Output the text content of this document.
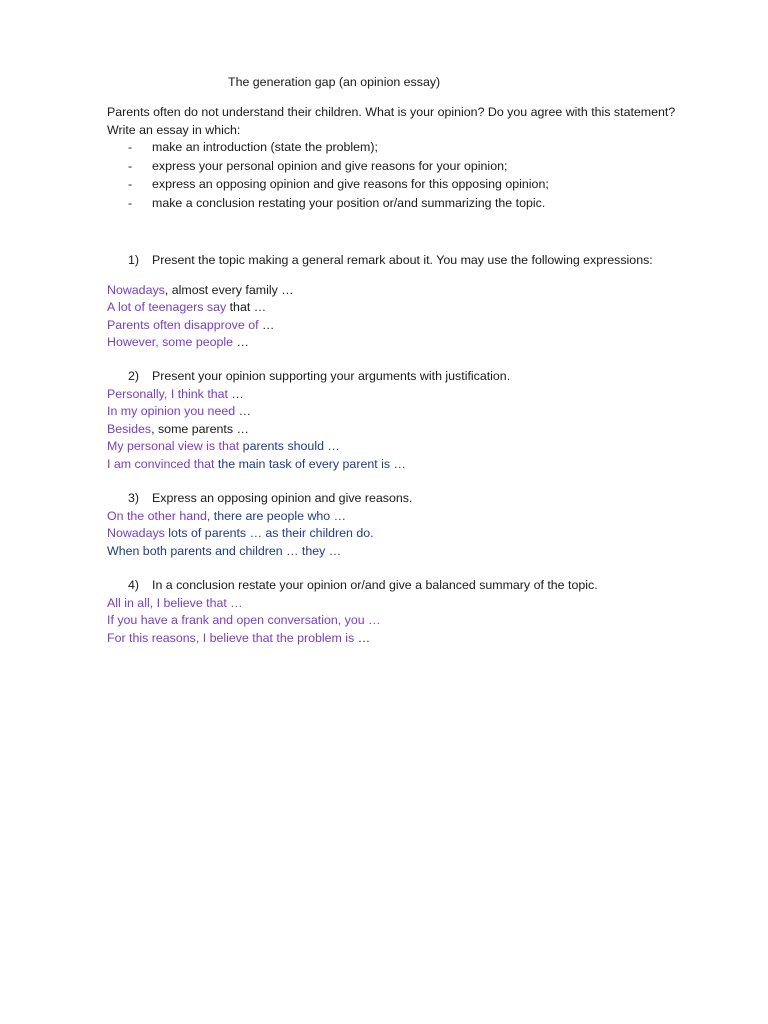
The generation gap (an opinion essay)
Parents often do not understand their children. What is your opinion? Do you agree with this statement?
Write an essay in which:
- make an introduction (state the problem);
- express your personal opinion and give reasons for your opinion;
- express an opposing opinion and give reasons for this opposing opinion;
- make a conclusion restating your position or/and summarizing the topic.
1) Present the topic making a general remark about it. You may use the following expressions:
Nowadays, almost every family …
A lot of teenagers say that …
Parents often disapprove of …
However, some people …
2) Present your opinion supporting your arguments with justification.
Personally, I think that …
In my opinion you need …
Besides, some parents …
My personal view is that parents should …
I am convinced that the main task of every parent is …
3) Express an opposing opinion and give reasons.
On the other hand, there are people who …
Nowadays lots of parents … as their children do.
When both parents and children … they …
4) In a conclusion restate your opinion or/and give a balanced summary of the topic.
All in all, I believe that …
If you have a frank and open conversation, you …
For this reasons, I believe that the problem is …
